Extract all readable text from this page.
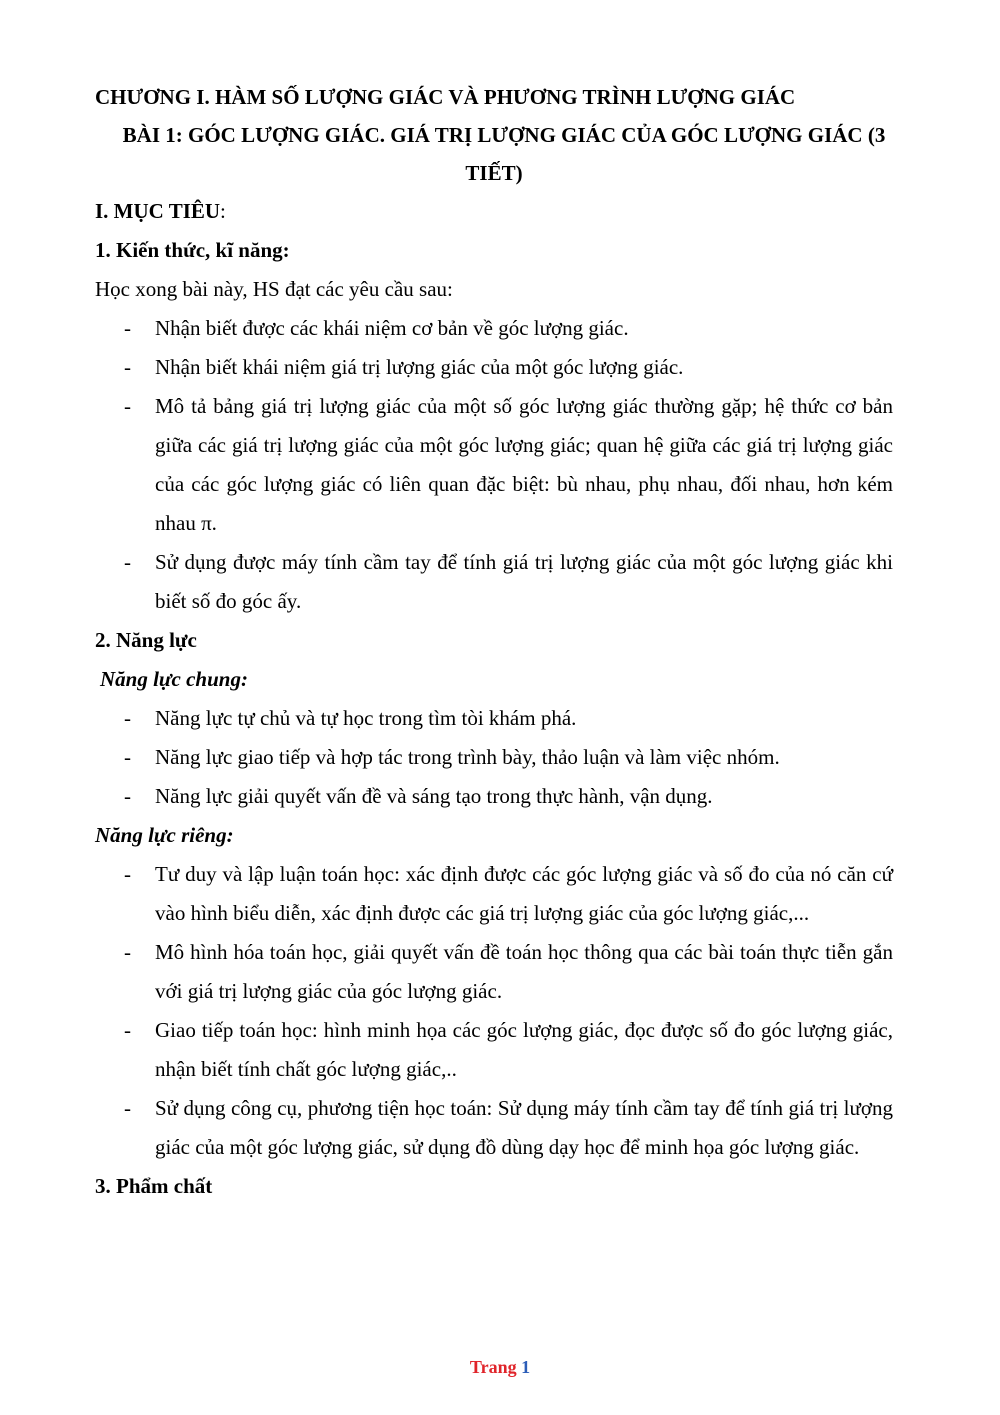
CHƯƠNG I. HÀM SỐ LƯỢNG GIÁC VÀ PHƯƠNG TRÌNH LƯỢNG GIÁC

BÀI 1: GÓC LƯỢNG GIÁC. GIÁ TRỊ LƯỢNG GIÁC CỦA GÓC LƯỢNG GIÁC (3 TIẾT)

I. MỤC TIÊU:

1. Kiến thức, kĩ năng:

Học xong bài này, HS đạt các yêu cầu sau:

- Nhận biết được các khái niệm cơ bản về góc lượng giác.
- Nhận biết khái niệm giá trị lượng giác của một góc lượng giác.
- Mô tả bảng giá trị lượng giác của một số góc lượng giác thường gặp; hệ thức cơ bản giữa các giá trị lượng giác của một góc lượng giác; quan hệ giữa các giá trị lượng giác của các góc lượng giác có liên quan đặc biệt: bù nhau, phụ nhau, đối nhau, hơn kém nhau π.
- Sử dụng được máy tính cầm tay để tính giá trị lượng giác của một góc lượng giác khi biết số đo góc ấy.

2. Năng lực

Năng lực chung:

- Năng lực tự chủ và tự học trong tìm tòi khám phá.
- Năng lực giao tiếp và hợp tác trong trình bày, thảo luận và làm việc nhóm.
- Năng lực giải quyết vấn đề và sáng tạo trong thực hành, vận dụng.

Năng lực riêng:

- Tư duy và lập luận toán học: xác định được các góc lượng giác và số đo của nó căn cứ vào hình biểu diễn, xác định được các giá trị lượng giác của góc lượng giác,...
- Mô hình hóa toán học, giải quyết vấn đề toán học thông qua các bài toán thực tiễn gắn với giá trị lượng giác của góc lượng giác.
- Giao tiếp toán học: hình minh họa các góc lượng giác, đọc được số đo góc lượng giác, nhận biết tính chất góc lượng giác,..
- Sử dụng công cụ, phương tiện học toán: Sử dụng máy tính cầm tay để tính giá trị lượng giác của một góc lượng giác, sử dụng đồ dùng dạy học để minh họa góc lượng giác.

3. Phẩm chất

Trang 1
